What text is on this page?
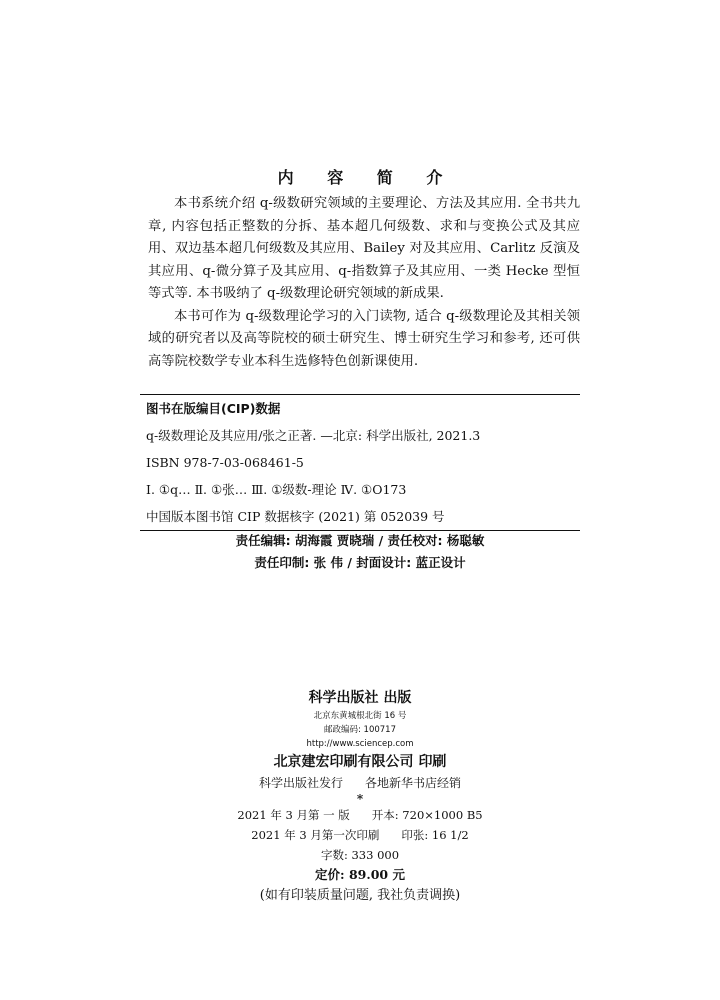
内 容 简 介

本书系统介绍 q-级数研究领域的主要理论、方法及其应用. 全书共九章, 内容包括正整数的分拆、基本超几何级数、求和与变换公式及其应用、双边基本超几何级数及其应用、Bailey 对及其应用、Carlitz 反演及其应用、q-微分算子及其应用、q-指数算子及其应用、一类 Hecke 型恒等式等. 本书吸纳了 q-级数理论研究领域的新成果.

本书可作为 q-级数理论学习的入门读物, 适合 q-级数理论及其相关领域的研究者以及高等院校的硕士研究生、博士研究生学习和参考, 还可供高等院校数学专业本科生选修特色创新课使用.

图书在版编目(CIP)数据
q-级数理论及其应用/张之正著. —北京: 科学出版社, 2021.3
ISBN 978-7-03-068461-5
Ⅰ. ①q… Ⅱ. ①张… Ⅲ. ①级数-理论 Ⅳ. ①O173
中国版本图书馆 CIP 数据核字 (2021) 第 052039 号
责任编辑: 胡海霞 贾晓瑞 / 责任校对: 杨聪敏
责任印制: 张 伟 / 封面设计: 蓝正设计
科学出版社 出版
北京东黄城根北街 16 号
邮政编码: 100717
http://www.sciencep.com
北京建宏印刷有限公司 印刷
科学出版社发行 各地新华书店经销
*
2021 年 3 月第 一 版 开本: 720×1000 B5
2021 年 3 月第一次印刷 印张: 16 1/2
字数: 333 000
定价: 89.00 元
(如有印装质量问题, 我社负责调换)
